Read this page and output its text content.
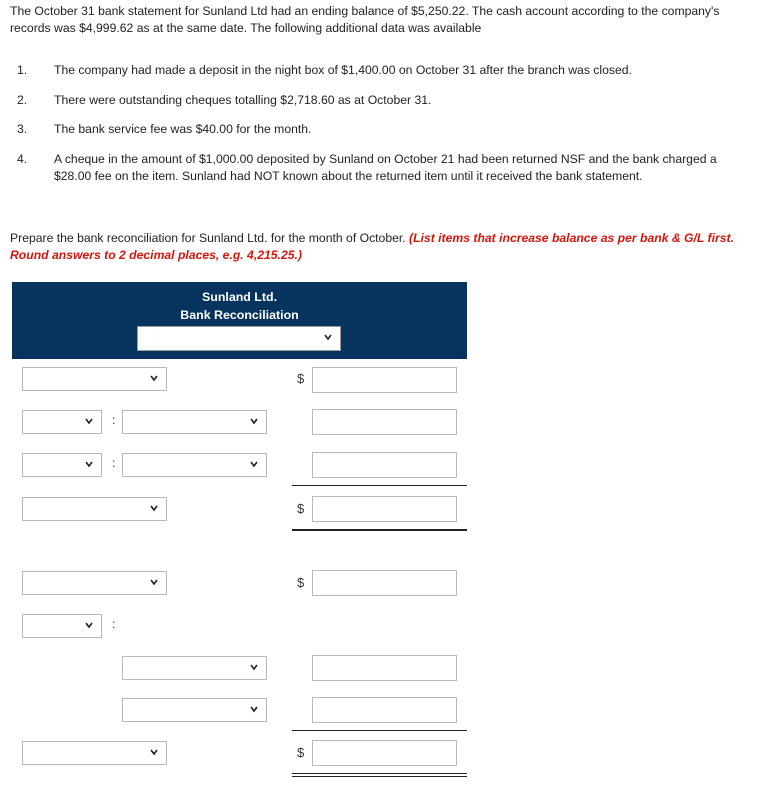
The October 31 bank statement for Sunland Ltd had an ending balance of $5,250.22. The cash account according to the company's records was $4,999.62 as at the same date. The following additional data was available
1. The company had made a deposit in the night box of $1,400.00 on October 31 after the branch was closed.
2. There were outstanding cheques totalling $2,718.60 as at October 31.
3. The bank service fee was $40.00 for the month.
4. A cheque in the amount of $1,000.00 deposited by Sunland on October 21 had been returned NSF and the bank charged a $28.00 fee on the item. Sunland had NOT known about the returned item until it received the bank statement.
Prepare the bank reconciliation for Sunland Ltd. for the month of October. (List items that increase balance as per bank & G/L first. Round answers to 2 decimal places, e.g. 4,215.25.)
Sunland Ltd.
Bank Reconciliation
$
:
:
$
$
:
$
